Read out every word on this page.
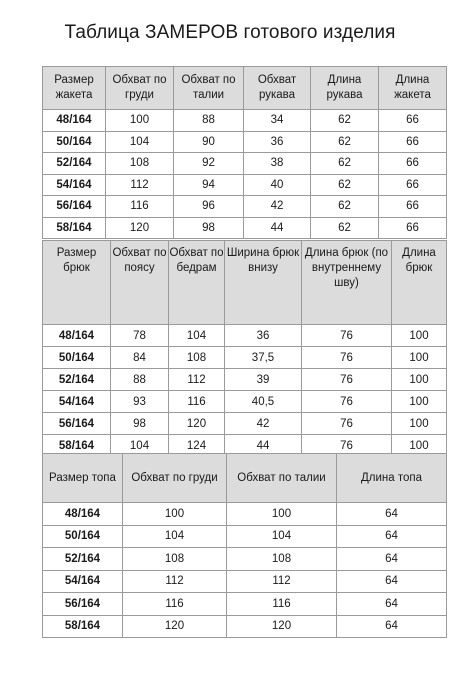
Таблица ЗАМЕРОВ готового изделия
Размер жакета	Обхват по груди	Обхват по талии	Обхват рукава	Длина рукава	Длина жакета
48/164	100	88	34	62	66
50/164	104	90	36	62	66
52/164	108	92	38	62	66
54/164	112	94	40	62	66
56/164	116	96	42	62	66
58/164	120	98	44	62	66
Размер брюк	Обхват по поясу	Обхват по бедрам	Ширина брюк внизу	Длина брюк (по внутреннему шву)	Длина брюк
48/164	78	104	36	76	100
50/164	84	108	37,5	76	100
52/164	88	112	39	76	100
54/164	93	116	40,5	76	100
56/164	98	120	42	76	100
58/164	104	124	44	76	100
Размер топа	Обхват по груди	Обхват по талии	Длина топа
48/164	100	100	64
50/164	104	104	64
52/164	108	108	64
54/164	112	112	64
56/164	116	116	64
58/164	120	120	64
